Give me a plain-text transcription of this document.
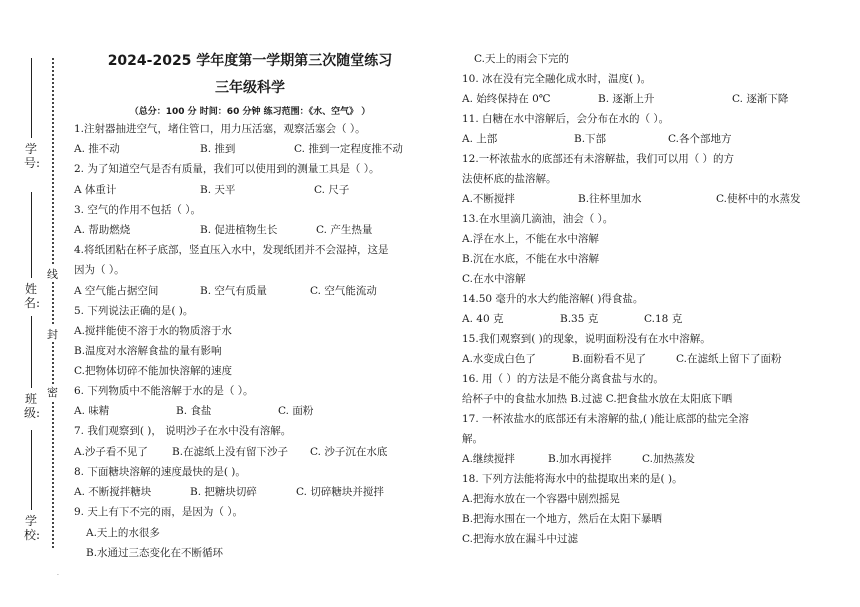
学号:
姓名:
班级:
学校:
线
封
密
.
2024-2025 学年度第一学期第三次随堂练习
三年级科学
（总分：100 分 时间：60 分钟 练习范围：《水、空气》 ）
1.注射器抽进空气，堵住管口，用力压活塞，观察活塞会（ ）。
A. 推不动	B. 推到	C. 推到一定程度推不动
2. 为了知道空气是否有质量，我们可以使用到的测量工具是（ ）。
A 体重计	B. 天平	C. 尺子
3. 空气的作用不包括（ ）。
A. 帮助燃烧	B. 促进植物生长	C. 产生热量
4.将纸团粘在杯子底部，竖直压入水中，发现纸团并不会湿掉，这是
因为（ ）。
A 空气能占据空间	B. 空气有质量	C. 空气能流动
5. 下列说法正确的是( )。
A.搅拌能使不溶于水的物质溶于水
B.温度对水溶解食盐的量有影响
C.把物体切碎不能加快溶解的速度
6. 下列物质中不能溶解于水的是（ ）。
A. 味精	B. 食盐	C. 面粉
7. 我们观察到( )， 说明沙子在水中没有溶解。
A.沙子看不见了 B.在滤纸上没有留下沙子 C. 沙子沉在水底
8. 下面糖块溶解的速度最快的是( )。
A. 不断搅拌糖块	B. 把糖块切碎	C. 切碎糖块并搅拌
9. 天上有下不完的雨，是因为（ ）。
A.天上的水很多
B.水通过三态变化在不断循环
C.天上的雨会下完的
10. 冰在没有完全融化成水时，温度( )。
A. 始终保持在 0℃	B. 逐渐上升	C. 逐渐下降
11. 白糖在水中溶解后，会分布在水的（ ）。
A. 上部	B.下部	C.各个部地方
12.一杯浓盐水的底部还有未溶解盐，我们可以用（ ）的方
法使杯底的盐溶解。
A.不断搅拌	B.往杯里加水	C.使杯中的水蒸发
13.在水里滴几滴油，油会（ ）。
A.浮在水上，不能在水中溶解
B.沉在水底，不能在水中溶解
C.在水中溶解
14.50 毫升的水大约能溶解( )得食盐。
A. 40 克	B.35 克	C.18 克
15.我们观察到( )的现象，说明面粉没有在水中溶解。
A.水变成白色了	B.面粉看不见了	C.在滤纸上留下了面粉
16. 用（ ）的方法是不能分离食盐与水的。
给杯子中的食盐水加热 B.过滤 C.把食盐水放在太阳底下晒
17. 一杯浓盐水的底部还有未溶解的盐,( )能让底部的盐完全溶
解。
A.继续搅拌	B.加水再搅拌	C.加热蒸发
18. 下列方法能将海水中的盐提取出来的是( )。
A.把海水放在一个容器中剧烈摇晃
B.把海水围在一个地方，然后在太阳下暴晒
C.把海水放在漏斗中过滤
